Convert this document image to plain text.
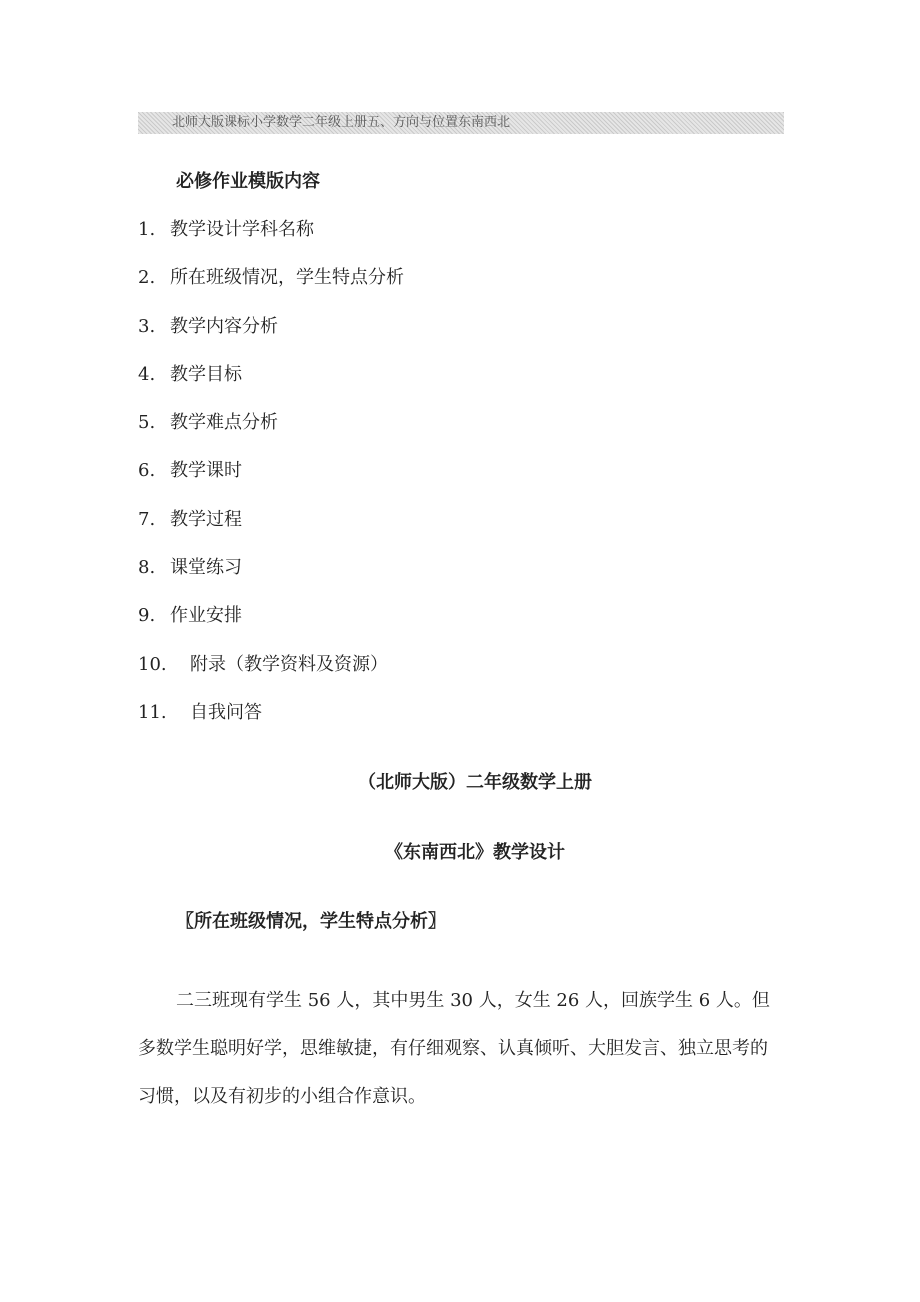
北师大版课标小学数学二年级上册五、方向与位置东南西北
必修作业模版内容
1. 教学设计学科名称
2. 所在班级情况，学生特点分析
3. 教学内容分析
4. 教学目标
5. 教学难点分析
6. 教学课时
7. 教学过程
8. 课堂练习
9. 作业安排
10. 附录（教学资料及资源）
11. 自我问答
（北师大版）二年级数学上册
《东南西北》教学设计
〖所在班级情况，学生特点分析〗

二三班现有学生 56 人，其中男生 30 人，女生 26 人，回族学生 6 人。但多数学生聪明好学，思维敏捷，有仔细观察、认真倾听、大胆发言、独立思考的习惯，以及有初步的小组合作意识。
